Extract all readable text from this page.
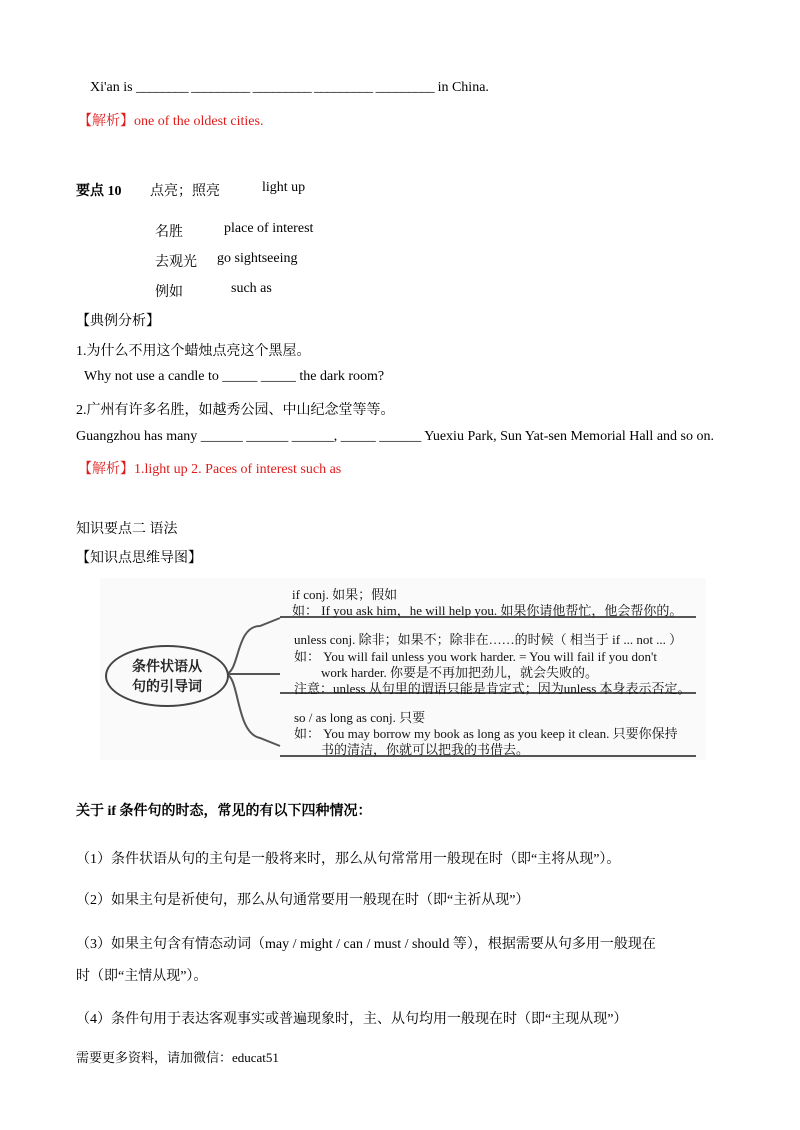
Xi'an is ________ _________ _________ _________ _________ in China.
【解析】one of the oldest cities.
要点 10 点亮；照亮	light up
名胜	place of interest
去观光 go sightseeing
例如	such as
【典例分析】
1.为什么不用这个蜡烛点亮这个黑屋。
Why not use a candle to _____ _____ the dark room?
2.广州有许多名胜，如越秀公园、中山纪念堂等等。
Guangzhou has many ______ ______ ______, _____ ______ Yuexiu Park, Sun Yat-sen Memorial Hall and so on.
【解析】1.light up 2. Paces of interest such as
知识要点二 语法
【知识点思维导图】
条件状语从
句的引导词
if conj. 如果；假如
如： If you ask him，he will help you. 如果你请他帮忙，他会帮你的。
unless conj. 除非；如果不；除非在……的时候（ 相当于 if ... not ... ）
如： You will fail unless you work harder. = You will fail if you don't
work harder. 你要是不再加把劲儿，就会失败的。
注意：unless 从句里的谓语只能是肯定式；因为unless 本身表示否定。
so / as long as conj. 只要
如： You may borrow my book as long as you keep it clean. 只要你保持
书的清洁，你就可以把我的书借去。
关于 if 条件句的时态，常见的有以下四种情况：
（1）条件状语从句的主句是一般将来时，那么从句常常用一般现在时（即“主将从现”）。
（2）如果主句是祈使句，那么从句通常要用一般现在时（即“主祈从现”）
（3）如果主句含有情态动词（may / might / can / must / should 等），根据需要从句多用一般现在
时（即“主情从现”）。
（4）条件句用于表达客观事实或普遍现象时，主、从句均用一般现在时（即“主现从现”）
需要更多资料，请加微信：educat51
